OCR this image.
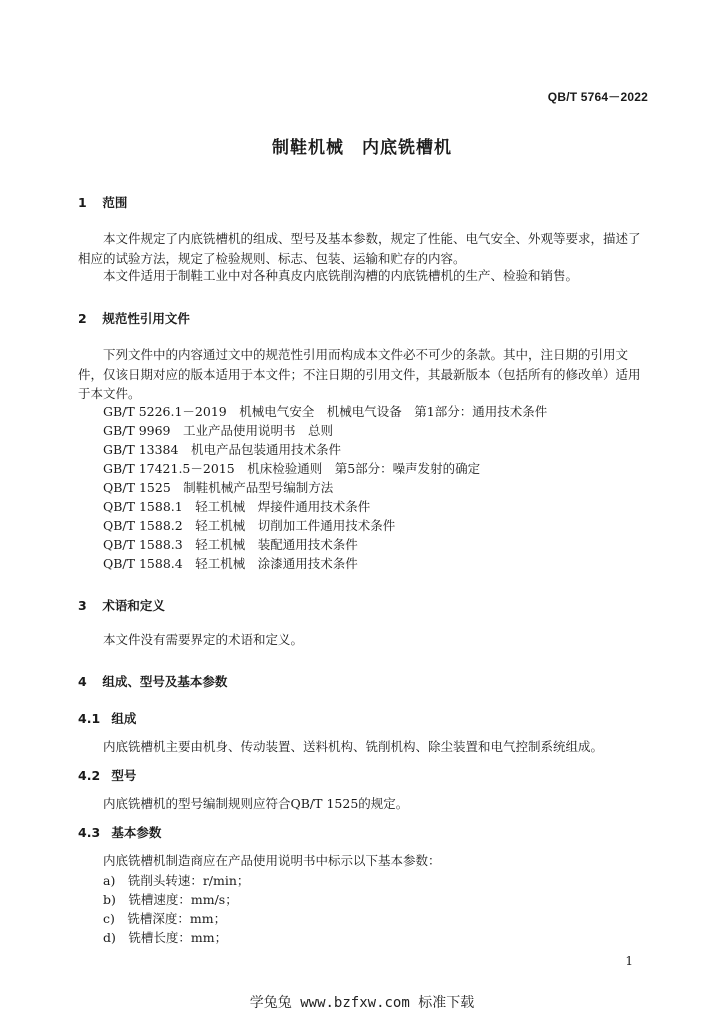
QB/T 5764－2022
制鞋机械　内底铣槽机
1 范围
本文件规定了内底铣槽机的组成、型号及基本参数，规定了性能、电气安全、外观等要求，描述了相应的试验方法，规定了检验规则、标志、包装、运输和贮存的内容。
本文件适用于制鞋工业中对各种真皮内底铣削沟槽的内底铣槽机的生产、检验和销售。
2 规范性引用文件
下列文件中的内容通过文中的规范性引用而构成本文件必不可少的条款。其中，注日期的引用文件，仅该日期对应的版本适用于本文件；不注日期的引用文件，其最新版本（包括所有的修改单）适用于本文件。
GB/T 5226.1－2019　机械电气安全　机械电气设备　第1部分：通用技术条件
GB/T 9969　工业产品使用说明书　总则
GB/T 13384　机电产品包装通用技术条件
GB/T 17421.5－2015　机床检验通则　第5部分：噪声发射的确定
QB/T 1525　制鞋机械产品型号编制方法
QB/T 1588.1　轻工机械　焊接件通用技术条件
QB/T 1588.2　轻工机械　切削加工件通用技术条件
QB/T 1588.3　轻工机械　装配通用技术条件
QB/T 1588.4　轻工机械　涂漆通用技术条件
3 术语和定义
本文件没有需要界定的术语和定义。
4 组成、型号及基本参数
4.1 组成
内底铣槽机主要由机身、传动装置、送料机构、铣削机构、除尘装置和电气控制系统组成。
4.2 型号
内底铣槽机的型号编制规则应符合QB/T 1525的规定。
4.3 基本参数
内底铣槽机制造商应在产品使用说明书中标示以下基本参数：
a)　铣削头转速：r/min；
b)　铣槽速度：mm/s；
c)　铣槽深度：mm；
d)　铣槽长度：mm；
1
学兔兔 www.bzfxw.com 标准下载
